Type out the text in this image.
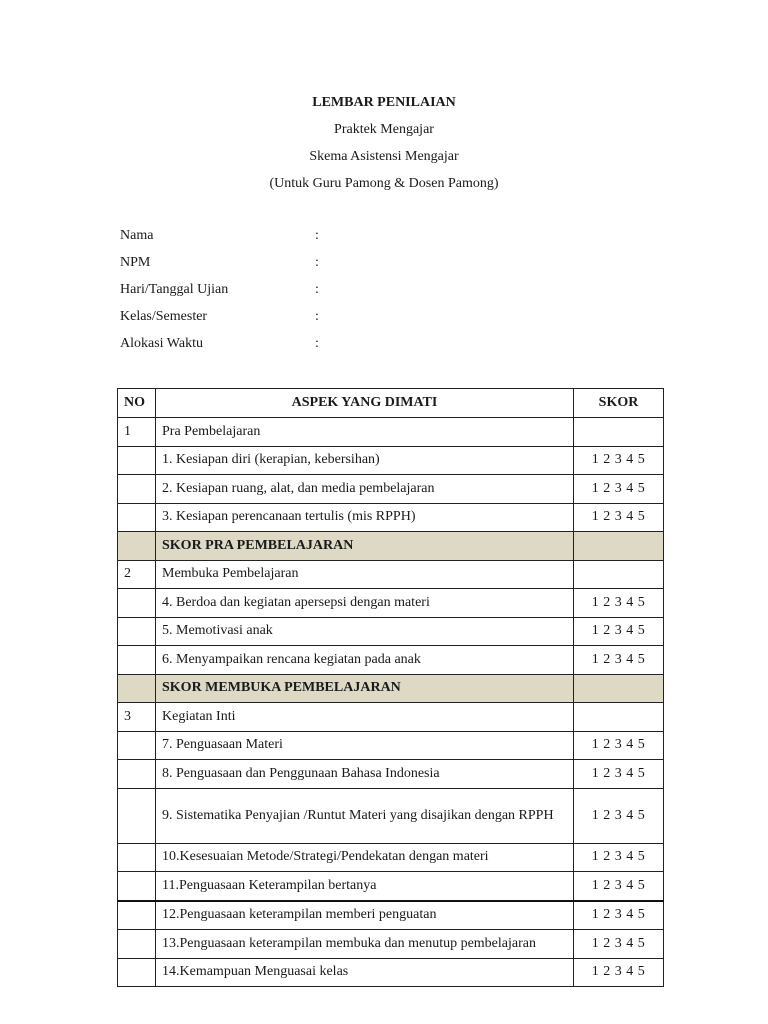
LEMBAR PENILAIAN
Praktek Mengajar
Skema Asistensi Mengajar
(Untuk Guru Pamong & Dosen Pamong)
Nama	:
NPM	:
Hari/Tanggal Ujian	:
Kelas/Semester	:
Alokasi Waktu	:
NO	ASPEK YANG DIMATI	SKOR
1	Pra Pembelajaran	
	1. Kesiapan diri (kerapian, kebersihan)	1 2 3 4 5
	2. Kesiapan ruang, alat, dan media pembelajaran	1 2 3 4 5
	3. Kesiapan perencanaan tertulis (mis RPPH)	1 2 3 4 5
	SKOR PRA PEMBELAJARAN	
2	Membuka Pembelajaran	
	4. Berdoa dan kegiatan apersepsi dengan materi	1 2 3 4 5
	5. Memotivasi anak	1 2 3 4 5
	6. Menyampaikan rencana kegiatan pada anak	1 2 3 4 5
	SKOR MEMBUKA PEMBELAJARAN	
3	Kegiatan Inti	
	7. Penguasaan Materi	1 2 3 4 5
	8. Penguasaan dan Penggunaan Bahasa Indonesia	1 2 3 4 5
	9. Sistematika Penyajian /Runtut Materi yang disajikan dengan RPPH	1 2 3 4 5
	10.Kesesuaian Metode/Strategi/Pendekatan dengan materi	1 2 3 4 5
	11.Penguasaan Keterampilan bertanya	1 2 3 4 5
	12.Penguasaan keterampilan memberi penguatan	1 2 3 4 5
	13.Penguasaan keterampilan membuka dan menutup pembelajaran	1 2 3 4 5
	14.Kemampuan Menguasai kelas	1 2 3 4 5
